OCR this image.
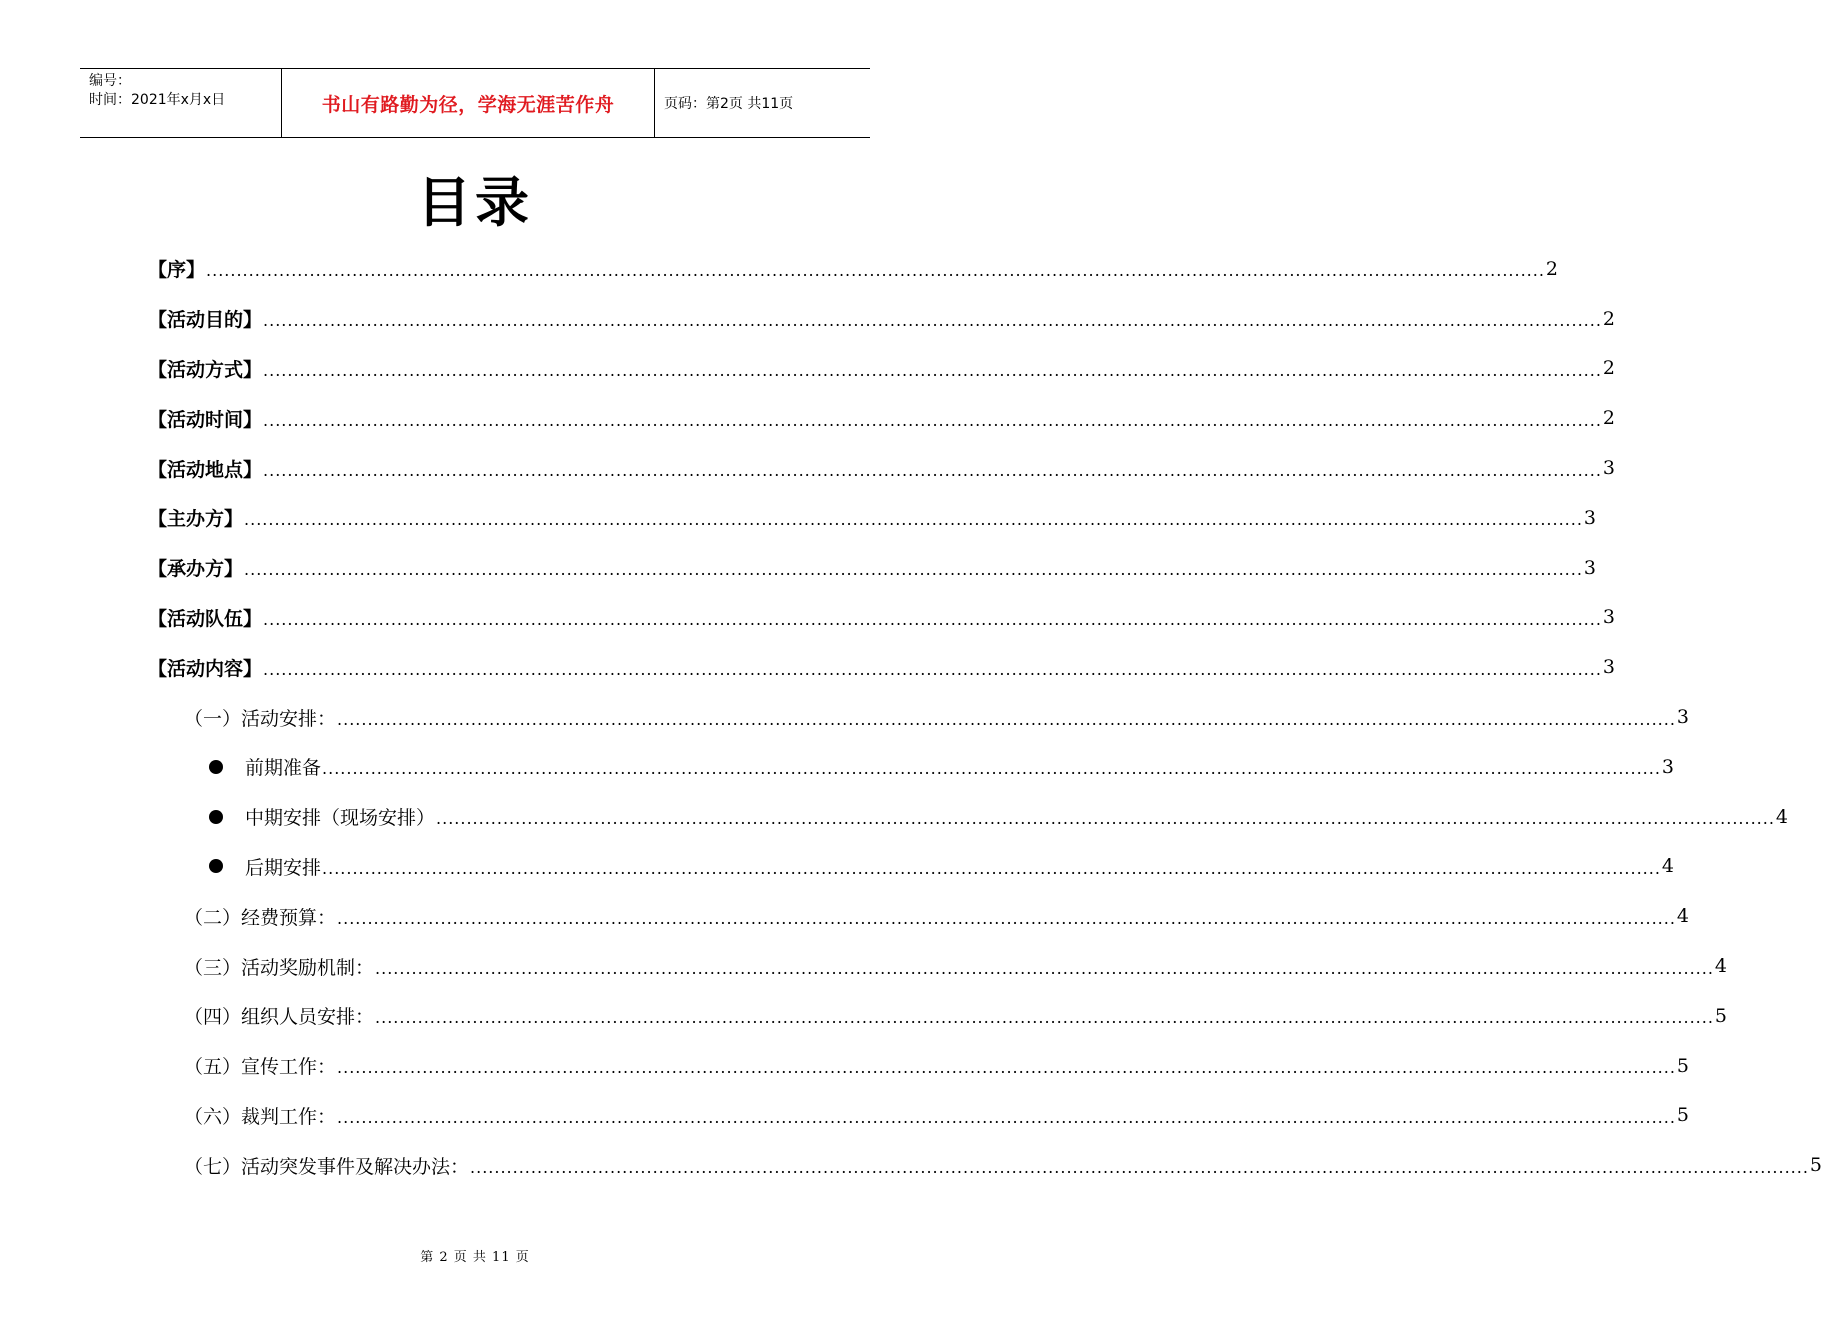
编号：
时间：2021年x月x日	书山有路勤为径，学海无涯苦作舟	页码：第2页 共11页
目录
【序】 ............................................................................................................................................................................................................................ 2
【活动目的】 ............................................................................................................................................................................................................................ 2
【活动方式】 ............................................................................................................................................................................................................................ 2
【活动时间】 ............................................................................................................................................................................................................................ 2
【活动地点】 ............................................................................................................................................................................................................................ 3
【主办方】 ............................................................................................................................................................................................................................ 3
【承办方】 ............................................................................................................................................................................................................................ 3
【活动队伍】 ............................................................................................................................................................................................................................ 3
【活动内容】 ............................................................................................................................................................................................................................ 3
（一）活动安排： ............................................................................................................................................................................................................................ 3
前期准备 ............................................................................................................................................................................................................................ 3
中期安排（现场安排） ............................................................................................................................................................................................................................ 4
后期安排 ............................................................................................................................................................................................................................ 4
（二）经费预算： ............................................................................................................................................................................................................................ 4
（三）活动奖励机制： ............................................................................................................................................................................................................................ 4
（四）组织人员安排： ............................................................................................................................................................................................................................ 5
（五）宣传工作： ............................................................................................................................................................................................................................ 5
（六）裁判工作： ............................................................................................................................................................................................................................ 5
（七）活动突发事件及解决办法： ............................................................................................................................................................................................................................ 5
第 2 页 共 11 页
